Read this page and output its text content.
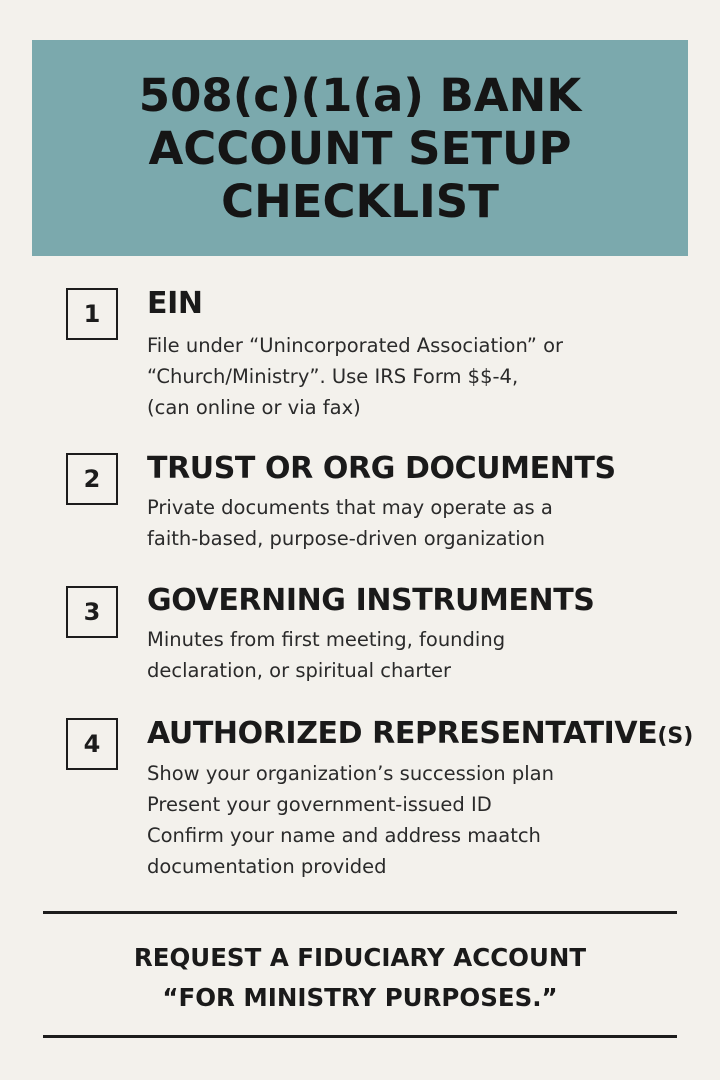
508(c)(1(a) BANK
ACCOUNT SETUP
CHECKLIST
1	EIN
File under “Unincorporated Association” or
“Church/Ministry”. Use IRS Form $$-4,
(can online or via fax)
2	TRUST OR ORG DOCUMENTS
Private documents that may operate as a
faith-based, purpose-driven organization
3	GOVERNING INSTRUMENTS
Minutes from first meeting, founding
declaration, or spiritual charter
4	AUTHORIZED REPRESENTATIVE(S)
Show your organization’s succession plan
Present your government-issued ID
Confirm your name and address maatch
documentation provided
REQUEST A FIDUCIARY ACCOUNT
“FOR MINISTRY PURPOSES.”
